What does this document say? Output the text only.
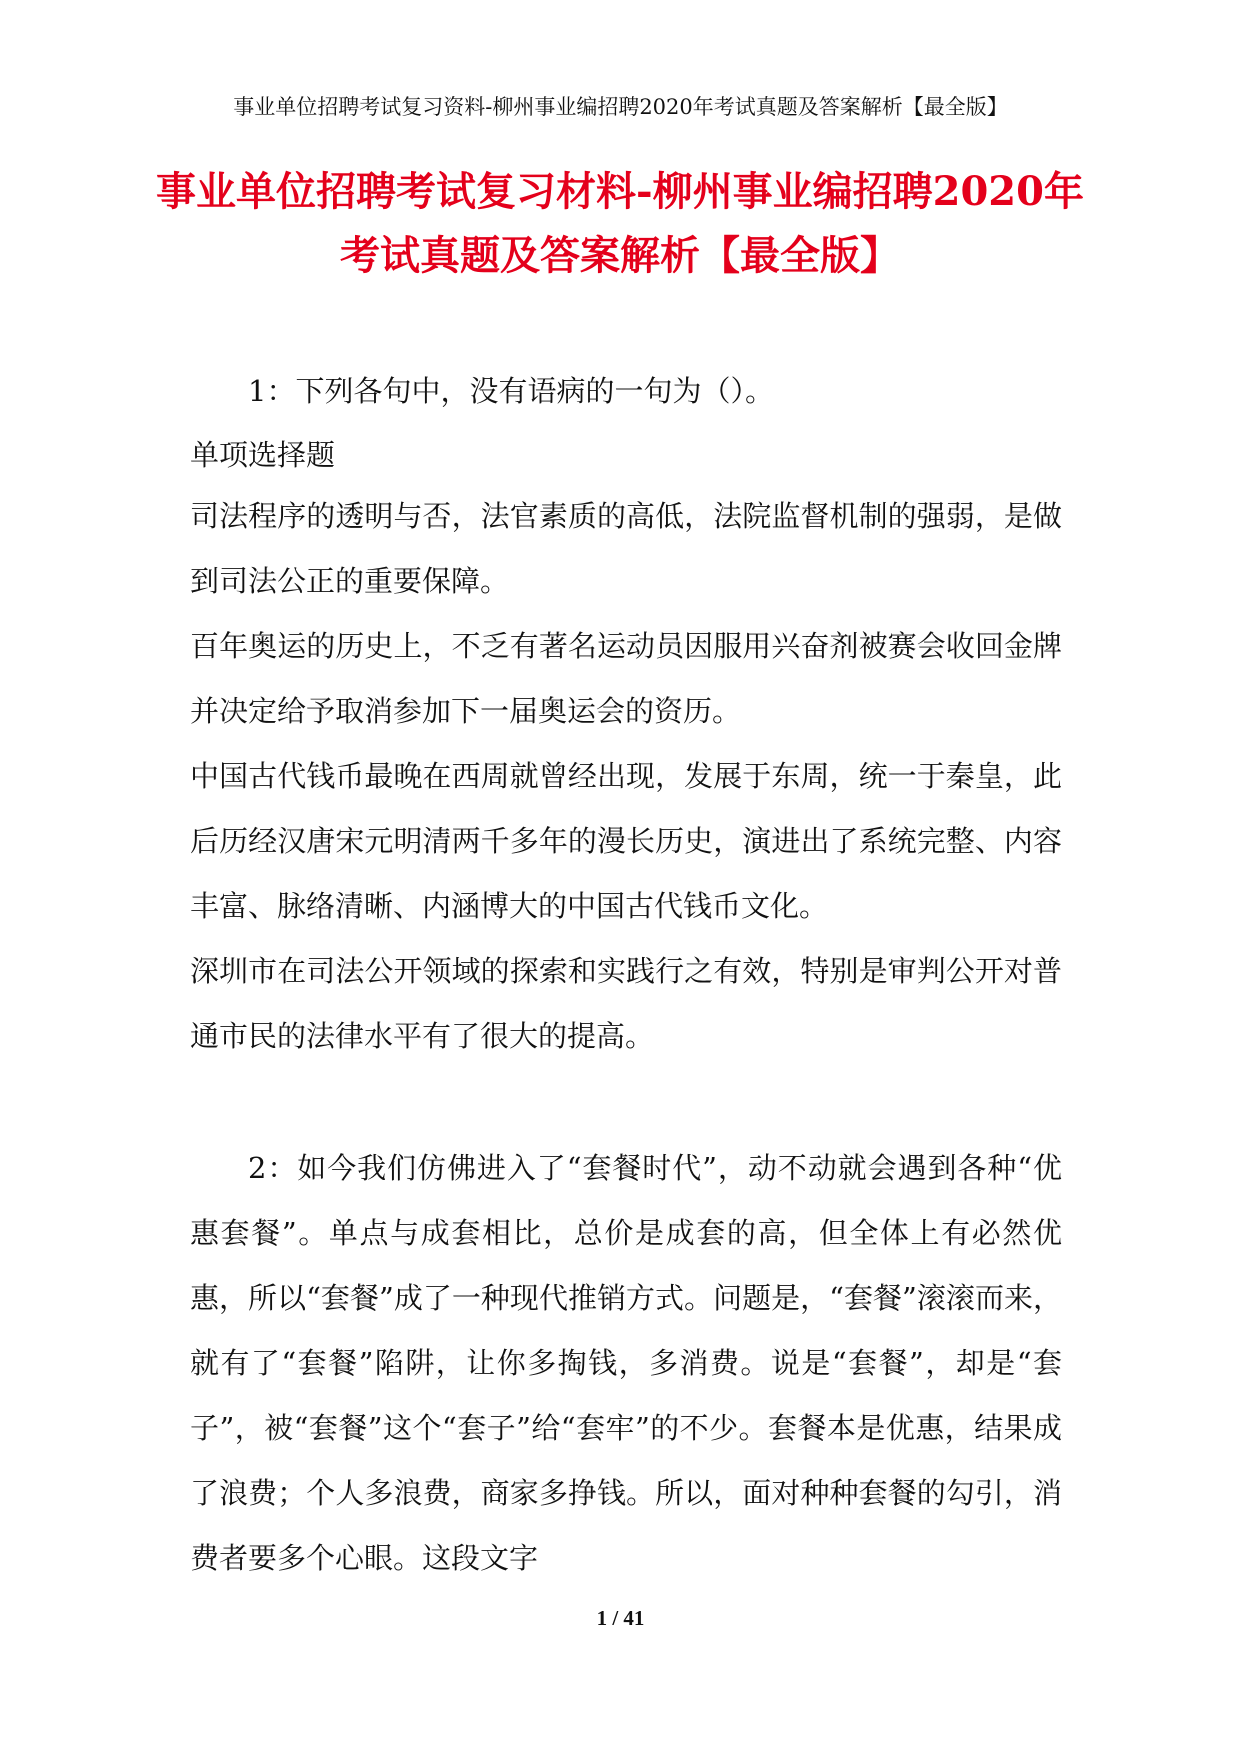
事业单位招聘考试复习资料-柳州事业编招聘2020年考试真题及答案解析【最全版】
事业单位招聘考试复习材料-柳州事业编招聘2020年
考试真题及答案解析【最全版】
1：下列各句中，没有语病的一句为（）。
单项选择题
司法程序的透明与否，法官素质的高低，法院监督机制的强弱，是做到司法公正的重要保障。
百年奥运的历史上，不乏有著名运动员因服用兴奋剂被赛会收回金牌并决定给予取消参加下一届奥运会的资历。
中国古代钱币最晚在西周就曾经出现，发展于东周，统一于秦皇，此后历经汉唐宋元明清两千多年的漫长历史，演进出了系统完整、内容丰富、脉络清晰、内涵博大的中国古代钱币文化。
深圳市在司法公开领域的探索和实践行之有效，特别是审判公开对普通市民的法律水平有了很大的提高。
2：如今我们仿佛进入了“套餐时代”，动不动就会遇到各种“优惠套餐”。单点与成套相比，总价是成套的高，但全体上有必然优惠，所以“套餐”成了一种现代推销方式。问题是，“套餐”滚滚而来，就有了“套餐”陷阱，让你多掏钱，多消费。说是“套餐”，却是“套子”，被“套餐”这个“套子”给“套牢”的不少。套餐本是优惠，结果成了浪费；个人多浪费，商家多挣钱。所以，面对种种套餐的勾引，消费者要多个心眼。这段文字
1 / 41
